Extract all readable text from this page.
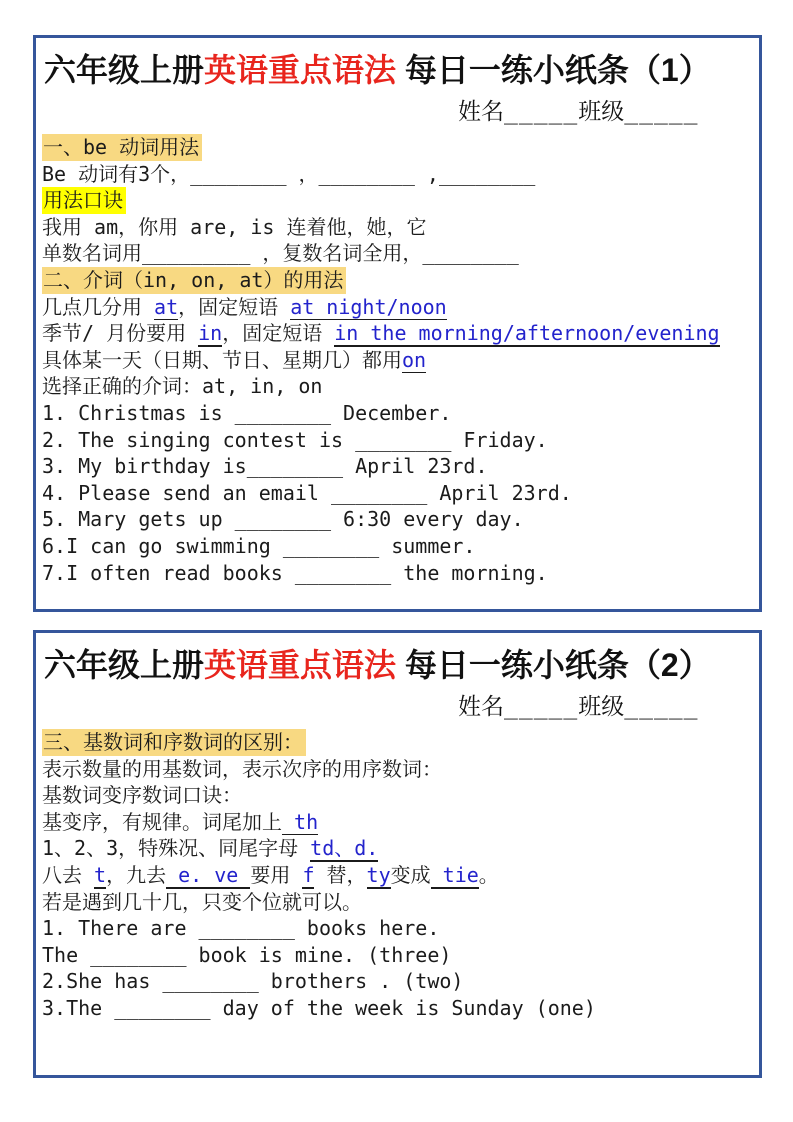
六年级上册英语重点语法 每日一练小纸条（1）
姓名_____班级_____
一、be 动词用法
Be 动词有3个，________ ，________ ,________
用法口诀
我用 am，你用 are, is 连着他，她，它
单数名词用_________ ，复数名词全用，________
二、介词（in, on, at）的用法
几点几分用 at，固定短语 at night/noon
季节/ 月份要用 in，固定短语 in the morning/afternoon/evening
具体某一天（日期、节日、星期几）都用on
选择正确的介词：at, in, on
1. Christmas is ________ December.
2. The singing contest is ________ Friday.
3. My birthday is________ April 23rd.
4. Please send an email ________ April 23rd.
5. Mary gets up ________ 6:30 every day.
6.I can go swimming ________ summer.
7.I often read books ________ the morning.
六年级上册英语重点语法 每日一练小纸条（2）
姓名_____班级_____
三、基数词和序数词的区别：
表示数量的用基数词，表示次序的用序数词：
基数词变序数词口诀：
基变序，有规律。词尾加上 th
1、2、3，特殊况、同尾字母 td、d.
八去 t，九去 e. ve 要用 f 替，ty变成 tie。
若是遇到几十几，只变个位就可以。
1. There are ________ books here.
The ________ book is mine. (three)
2.She has ________ brothers . (two)
3.The ________ day of the week is Sunday (one)
